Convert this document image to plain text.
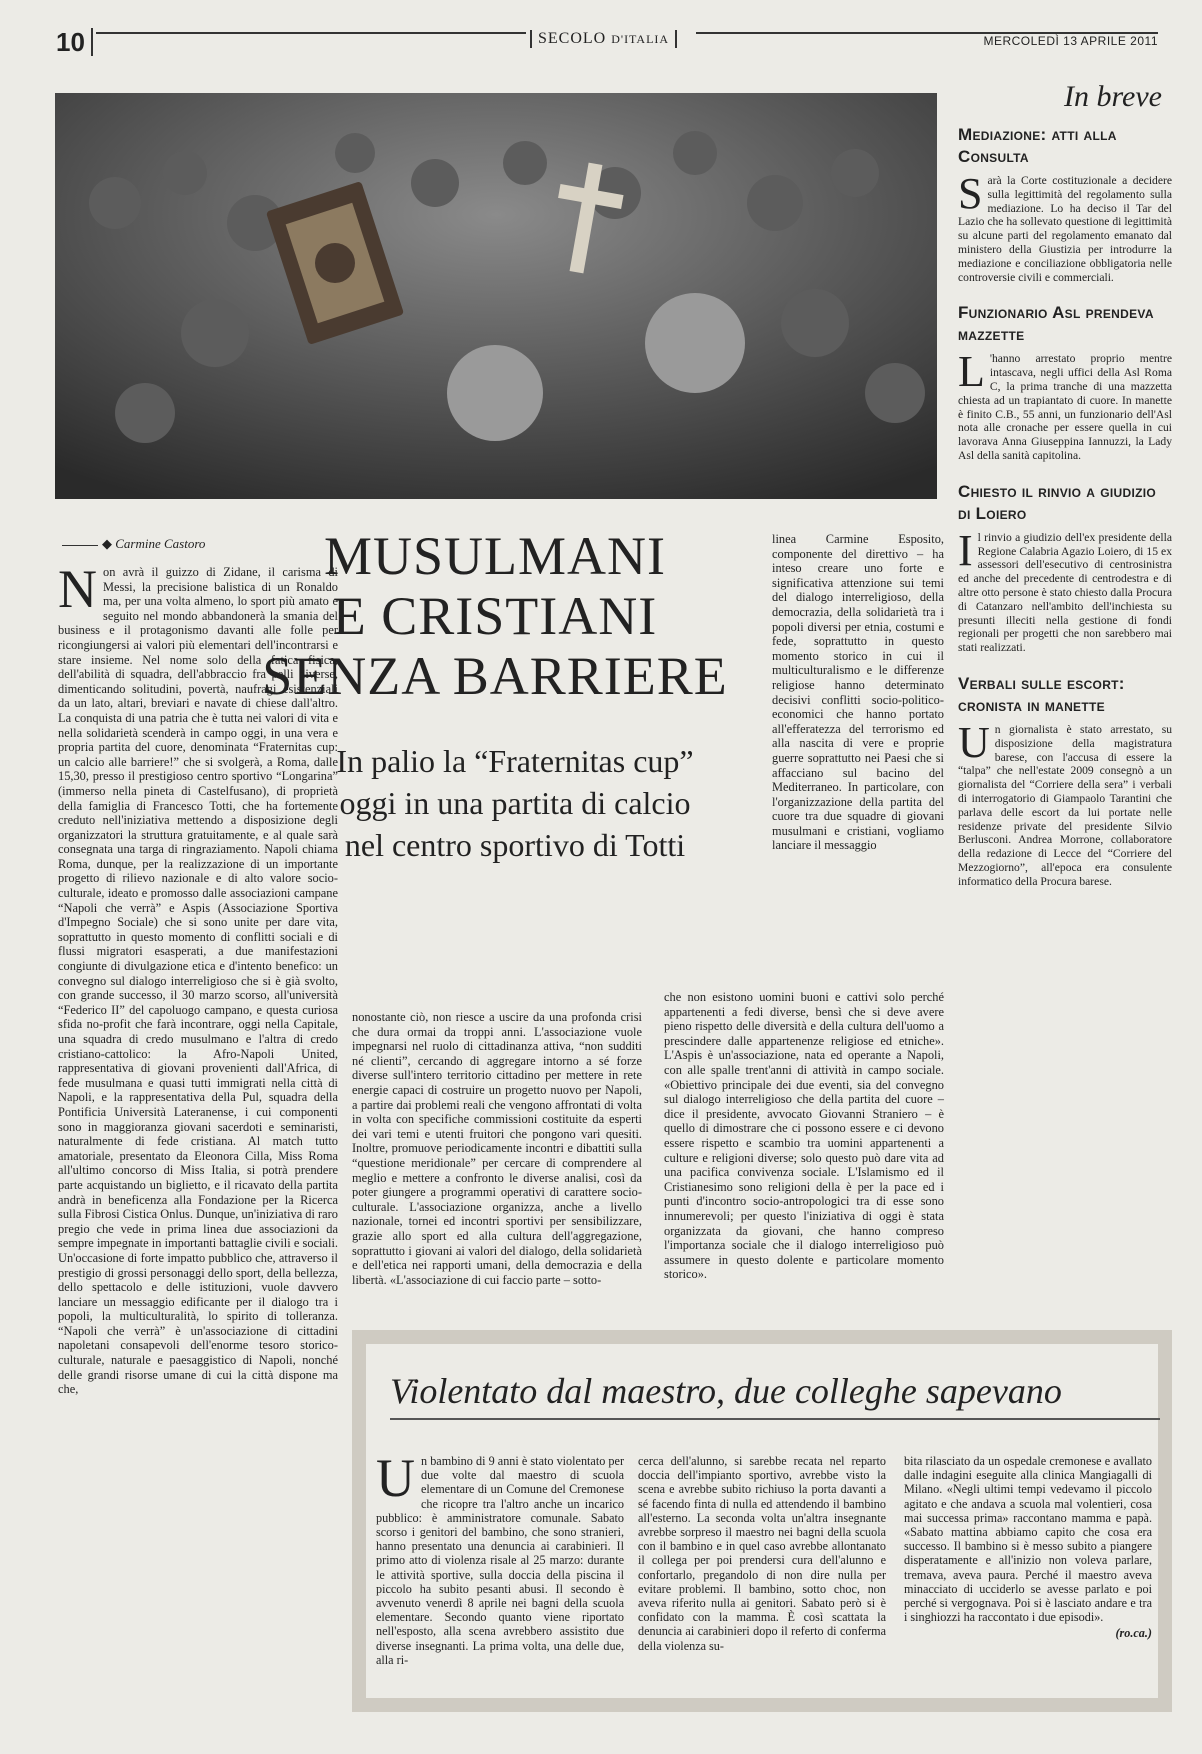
10	SECOLO D'ITALIA	MERCOLEDÌ 13 APRILE 2011
◆ Carmine Castoro	MUSULMANI
E CRISTIANI
SENZA BARRIERE
In palio la “Fraternitas cup”
oggi in una partita di calcio
nel centro sportivo di Totti
Non avrà il guizzo di Zidane, il carisma di Messi, la precisione balistica di un Ronaldo ma, per una volta almeno, lo sport più amato e seguito nel mondo abbandonerà la smania del business e il protagonismo davanti alle folle per ricongiungersi ai valori più elementari dell'incontrarsi e stare insieme. Nel nome solo della fatica fisica, dell'abilità di squadra, dell'abbraccio fra pelli diverse, dimenticando solitudini, povertà, naufragi esistenziali da un lato, altari, breviari e navate di chiese dall'altro. La conquista di una patria che è tutta nei valori di vita e nella solidarietà scenderà in campo oggi, in una vera e propria partita del cuore, denominata “Fraternitas cup: un calcio alle barriere!” che si svolgerà, a Roma, dalle 15,30, presso il prestigioso centro sportivo “Longarina” (immerso nella pineta di Castelfusano), di proprietà della famiglia di Francesco Totti, che ha fortemente creduto nell'iniziativa mettendo a disposizione degli organizzatori la struttura gratuitamente, e al quale sarà consegnata una targa di ringraziamento. Napoli chiama Roma, dunque, per la realizzazione di un importante progetto di rilievo nazionale e di alto valore socio-culturale, ideato e promosso dalle associazioni campane “Napoli che verrà” e Aspis (Associazione Sportiva d'Impegno Sociale) che si sono unite per dare vita, soprattutto in questo momento di conflitti sociali e di flussi migratori esasperati, a due manifestazioni congiunte di divulgazione etica e d'intento benefico: un convegno sul dialogo interreligioso che si è già svolto, con grande successo, il 30 marzo scorso, all'università “Federico II” del capoluogo campano, e questa curiosa sfida no-profit che farà incontrare, oggi nella Capitale, una squadra di credo musulmano e l'altra di credo cristiano-cattolico: la Afro-Napoli United, rappresentativa di giovani provenienti dall'Africa, di fede musulmana e quasi tutti immigrati nella città di Napoli, e la rappresentativa della Pul, squadra della Pontificia Università Lateranense, i cui componenti sono in maggioranza giovani sacerdoti e seminaristi, naturalmente di fede cristiana. Al match tutto amatoriale, presentato da Eleonora Cilla, Miss Roma all'ultimo concorso di Miss Italia, si potrà prendere parte acquistando un biglietto, e il ricavato della partita andrà in beneficenza alla Fondazione per la Ricerca sulla Fibrosi Cistica Onlus. Dunque, un'iniziativa di raro pregio che vede in prima linea due associazioni da sempre impegnate in importanti battaglie civili e sociali. Un'occasione di forte impatto pubblico che, attraverso il prestigio di grossi personaggi dello sport, della bellezza, dello spettacolo e delle istituzioni, vuole davvero lanciare un messaggio edificante per il dialogo tra i popoli, la multiculturalità, lo spirito di tolleranza. “Napoli che verrà” è un'associazione di cittadini napoletani consapevoli dell'enorme tesoro storico-culturale, naturale e paesaggistico di Napoli, nonché delle grandi risorse umane di cui la città dispone ma che,
nonostante ciò, non riesce a uscire da una profonda crisi che dura ormai da troppi anni. L'associazione vuole impegnarsi nel ruolo di cittadinanza attiva, “non sudditi né clienti”, cercando di aggregare intorno a sé forze diverse sull'intero territorio cittadino per mettere in rete energie capaci di costruire un progetto nuovo per Napoli, a partire dai problemi reali che vengono affrontati di volta in volta con specifiche commissioni costituite da esperti dei vari temi e utenti fruitori che pongono vari quesiti. Inoltre, promuove periodicamente incontri e dibattiti sulla “questione meridionale” per cercare di comprendere al meglio e mettere a confronto le diverse analisi, così da poter giungere a programmi operativi di carattere socio-culturale. L'associazione organizza, anche a livello nazionale, tornei ed incontri sportivi per sensibilizzare, grazie allo sport ed alla cultura dell'aggregazione, soprattutto i giovani ai valori del dialogo, della solidarietà e dell'etica nei rapporti umani, della democrazia e della libertà. «L'associazione di cui faccio parte – sotto-
linea Carmine Esposito, componente del direttivo – ha inteso creare uno forte e significativa attenzione sui temi del dialogo interreligioso, della democrazia, della solidarietà tra i popoli diversi per etnia, costumi e fede, soprattutto in questo momento storico in cui il multiculturalismo e le differenze religiose hanno determinato decisivi conflitti socio-politico-economici che hanno portato all'efferatezza del terrorismo ed alla nascita di vere e proprie guerre soprattutto nei Paesi che si affacciano sul bacino del Mediterraneo. In particolare, con l'organizzazione della partita del cuore tra due squadre di giovani musulmani e cristiani, vogliamo lanciare il messaggio
che non esistono uomini buoni e cattivi solo perché appartenenti a fedi diverse, bensì che si deve avere pieno rispetto delle diversità e della cultura dell'uomo a prescindere dalle appartenenze religiose ed etniche». L'Aspis è un'associazione, nata ed operante a Napoli, con alle spalle trent'anni di attività in campo sociale. «Obiettivo principale dei due eventi, sia del convegno sul dialogo interreligioso che della partita del cuore – dice il presidente, avvocato Giovanni Straniero – è quello di dimostrare che ci possono essere e ci devono essere rispetto e scambio tra uomini appartenenti a culture e religioni diverse; solo questo può dare vita ad una pacifica convivenza sociale. L'Islamismo ed il Cristianesimo sono religioni della è per la pace ed i punti d'incontro socio-antropologici tra di esse sono innumerevoli; per questo l'iniziativa di oggi è stata organizzata da giovani, che hanno compreso l'importanza sociale che il dialogo interreligioso può assumere in questo dolente e particolare momento storico».
In breve
Mediazione: atti alla Consulta
Sarà la Corte costituzionale a decidere sulla legittimità del regolamento sulla mediazione. Lo ha deciso il Tar del Lazio che ha sollevato questione di legittimità su alcune parti del regolamento emanato dal ministero della Giustizia per introdurre la mediazione e conciliazione obbligatoria nelle controversie civili e commerciali.
Funzionario Asl prendeva mazzette
L 'hanno arrestato proprio mentre intascava, negli uffici della Asl Roma C, la prima tranche di una mazzetta chiesta ad un trapiantato di cuore. In manette è finito C.B., 55 anni, un funzionario dell'Asl nota alle cronache per essere quella in cui lavorava Anna Giuseppina Iannuzzi, la Lady Asl della sanità capitolina.
Chiesto il rinvio a giudizio di Loiero
Il rinvio a giudizio dell'ex presidente della Regione Calabria Agazio Loiero, di 15 ex assessori dell'esecutivo di centrosinistra ed anche del precedente di centrodestra e di altre otto persone è stato chiesto dalla Procura di Catanzaro nell'ambito dell'inchiesta su presunti illeciti nella gestione di fondi regionali per progetti che non sarebbero mai stati realizzati.
Verbali sulle escort: cronista in manette
Un giornalista è stato arrestato, su disposizione della magistratura barese, con l'accusa di essere la “talpa” che nell'estate 2009 consegnò a un giornalista del “Corriere della sera” i verbali di interrogatorio di Giampaolo Tarantini che parlava delle escort da lui portate nelle residenze private del presidente Silvio Berlusconi. Andrea Morrone, collaboratore della redazione di Lecce del “Corriere del Mezzogiorno”, all'epoca era consulente informatico della Procura barese.
Violentato dal maestro, due colleghe sapevano
Un bambino di 9 anni è stato violentato per due volte dal maestro di scuola elementare di un Comune del Cremonese che ricopre tra l'altro anche un incarico pubblico: è amministratore comunale. Sabato scorso i genitori del bambino, che sono stranieri, hanno presentato una denuncia ai carabinieri. Il primo atto di violenza risale al 25 marzo: durante le attività sportive, sulla doccia della piscina il piccolo ha subito pesanti abusi. Il secondo è avvenuto venerdì 8 aprile nei bagni della scuola elementare. Secondo quanto viene riportato nell'esposto, alla scena avrebbero assistito due diverse insegnanti. La prima volta, una delle due, alla ri-
cerca dell'alunno, si sarebbe recata nel reparto doccia dell'impianto sportivo, avrebbe visto la scena e avrebbe subito richiuso la porta davanti a sé facendo finta di nulla ed attendendo il bambino all'esterno. La seconda volta un'altra insegnante avrebbe sorpreso il maestro nei bagni della scuola con il bambino e in quel caso avrebbe allontanato il collega per poi prendersi cura dell'alunno e confortarlo, pregandolo di non dire nulla per evitare problemi. Il bambino, sotto choc, non aveva riferito nulla ai genitori. Sabato però si è confidato con la mamma. È così scattata la denuncia ai carabinieri dopo il referto di conferma della violenza su-
bita rilasciato da un ospedale cremonese e avallato dalle indagini eseguite alla clinica Mangiagalli di Milano. «Negli ultimi tempi vedevamo il piccolo agitato e che andava a scuola mal volentieri, cosa mai successa prima» raccontano mamma e papà. «Sabato mattina abbiamo capito che cosa era successo. Il bambino si è messo subito a piangere disperatamente e all'inizio non voleva parlare, tremava, aveva paura. Perché il maestro aveva minacciato di ucciderlo se avesse parlato e poi perché si vergognava. Poi si è lasciato andare e tra i singhiozzi ha raccontato i due episodi».
(ro.ca.)
